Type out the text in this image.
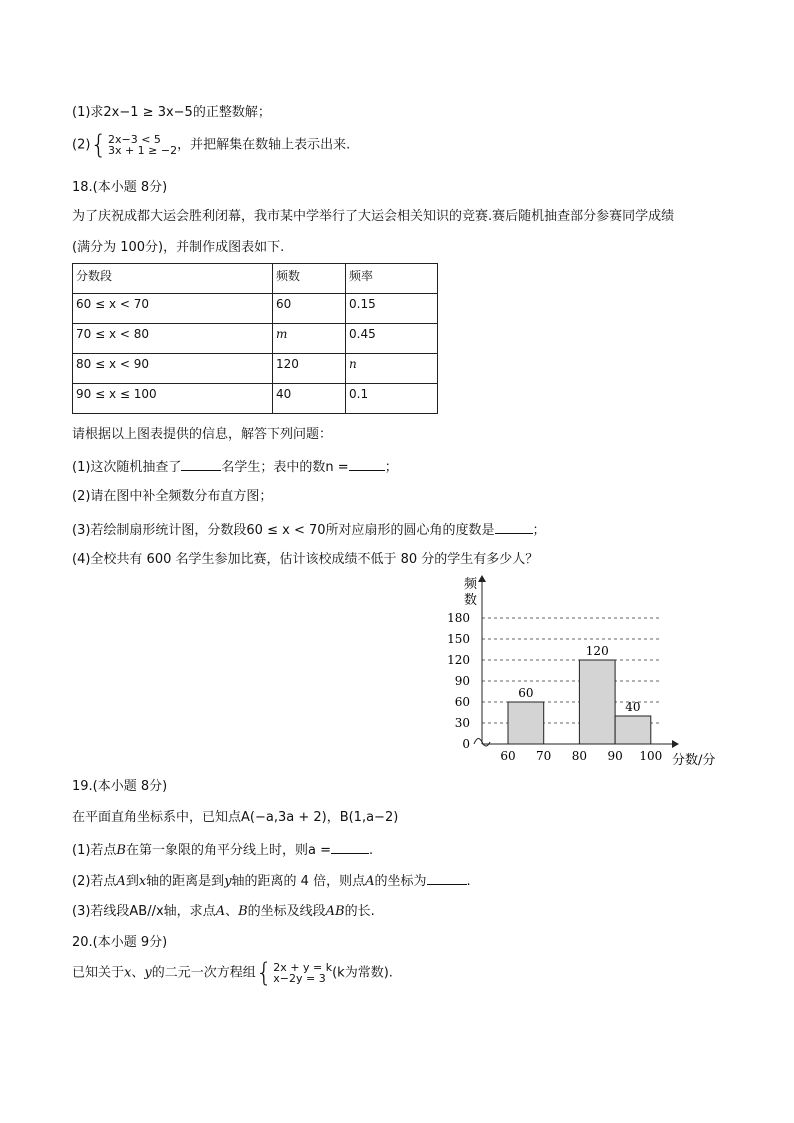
(1)求2x−1 ≥ 3x−5的正整数解；
(2) { 2x−3 < 5
3x + 1 ≥ −2 ，并把解集在数轴上表示出来.
18.(本小题 8分)
为了庆祝成都大运会胜利闭幕，我市某中学举行了大运会相关知识的竞赛.赛后随机抽查部分参赛同学成绩
(满分为 100分)，并制作成图表如下.
分数段	频数	频率
60 ≤ x < 70	60	0.15
70 ≤ x < 80	m	0.45
80 ≤ x < 90	120	n
90 ≤ x ≤ 100	40	0.1
请根据以上图表提供的信息，解答下列问题：
(1)这次随机抽查了	名学生；表中的数n =	；
(2)请在图中补全频数分布直方图；
(3)若绘制扇形统计图，分数段60 ≤ x < 70所对应扇形的圆心角的度数是	；
(4)全校共有 600 名学生参加比赛，估计该校成绩不低于 80 分的学生有多少人？
60
120
40
0
30
60
90
120
150
180
60 70 80 90 100
频
数
分数/分
19.(本小题 8分)
在平面直角坐标系中，已知点A(−a,3a + 2)，B(1,a−2)
(1)若点B在第一象限的角平分线上时，则a =	.
(2)若点A到x轴的距离是到y轴的距离的 4 倍，则点A的坐标为	.
(3)若线段AB//x轴，求点A、B的坐标及线段AB的长.
20.(本小题 9分)
已知关于x、y的二元一次方程组 { 2x + y = k
x−2y = 3 (k为常数).
